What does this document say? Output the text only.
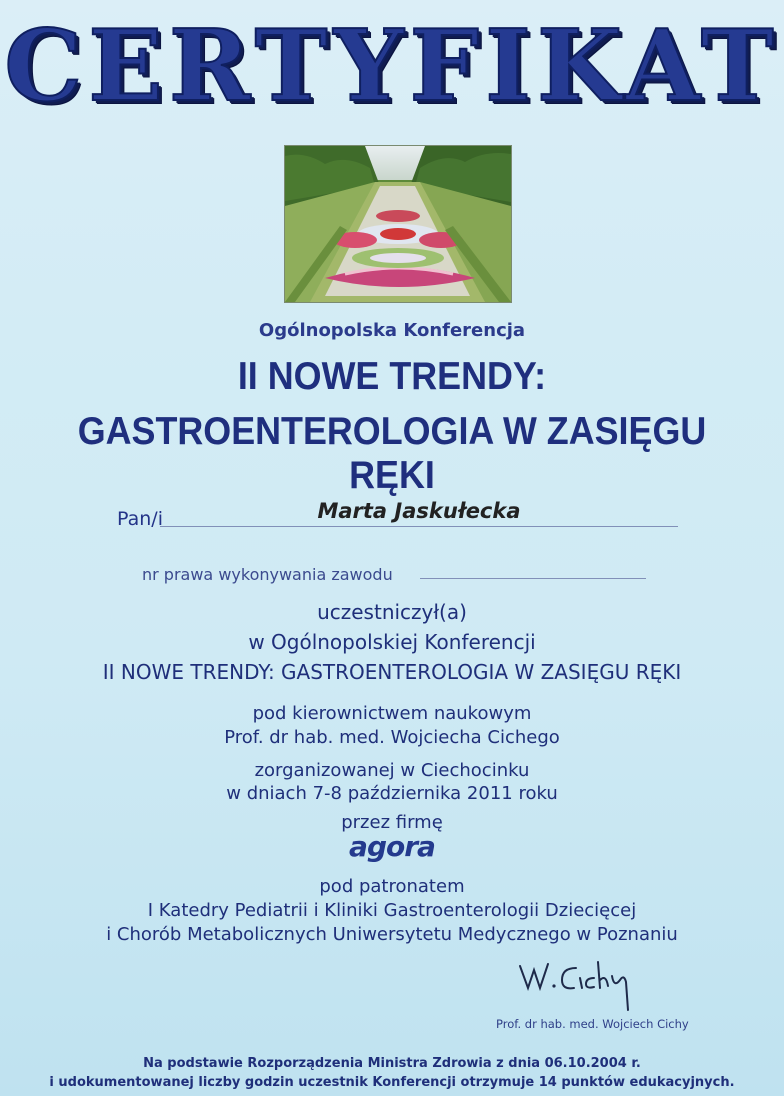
CERTYFIKAT
Ogólnopolska Konferencja
II NOWE TRENDY:
GASTROENTEROLOGIA W ZASIĘGU RĘKI
Pan/i	Marta Jaskułecka
nr prawa wykonywania zawodu
uczestniczył(a)
w Ogólnopolskiej Konferencji
II NOWE TRENDY: GASTROENTEROLOGIA W ZASIĘGU RĘKI
pod kierownictwem naukowym
Prof. dr hab. med. Wojciecha Cichego
zorganizowanej w Ciechocinku
w dniach 7-8 października 2011 roku
przez firmę
agora
pod patronatem
I Katedry Pediatrii i Kliniki Gastroenterologii Dziecięcej
i Chorób Metabolicznych Uniwersytetu Medycznego w Poznaniu
Prof. dr hab. med. Wojciech Cichy
Na podstawie Rozporządzenia Ministra Zdrowia z dnia 06.10.2004 r.
i udokumentowanej liczby godzin uczestnik Konferencji otrzymuje 14 punktów edukacyjnych.
